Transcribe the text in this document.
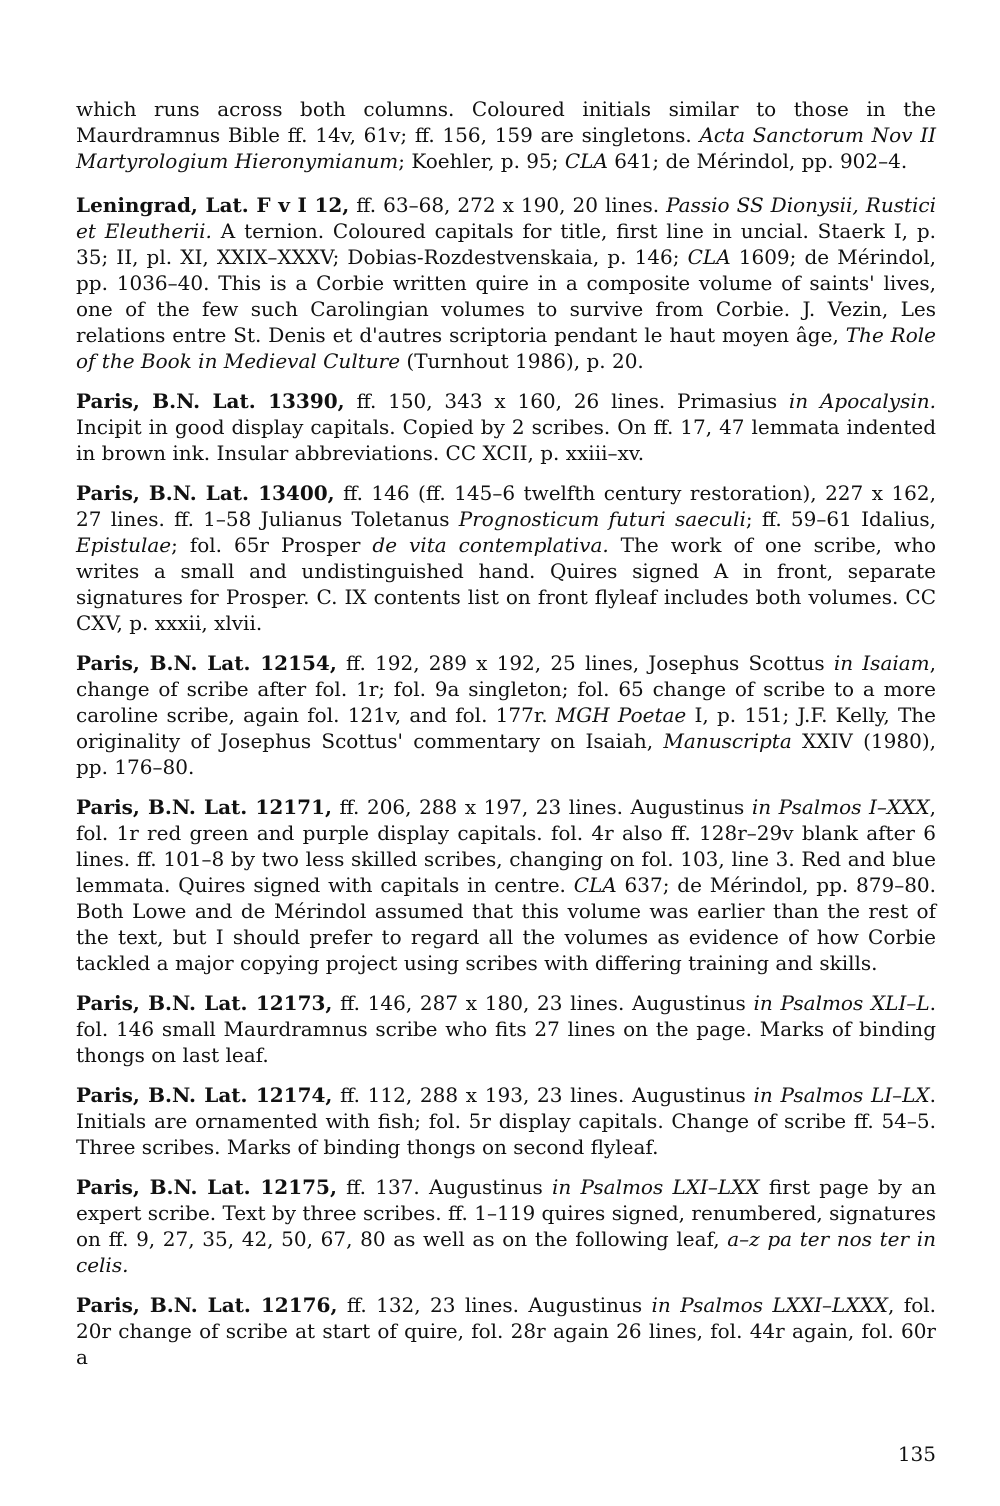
which runs across both columns. Coloured initials similar to those in the Maurdramnus Bible ff. 14v, 61v; ff. 156, 159 are singletons. Acta Sanctorum Nov II Martyrologium Hieronymianum; Koehler, p. 95; CLA 641; de Mérindol, pp. 902–4.

Leningrad, Lat. F v I 12, ff. 63–68, 272 x 190, 20 lines. Passio SS Dionysii, Rustici et Eleutherii. A ternion. Coloured capitals for title, first line in uncial. Staerk I, p. 35; II, pl. XI, XXIX–XXXV; Dobias-Rozdestvenskaia, p. 146; CLA 1609; de Mérindol, pp. 1036–40. This is a Corbie written quire in a composite volume of saints' lives, one of the few such Carolingian volumes to survive from Corbie. J. Vezin, Les relations entre St. Denis et d'autres scriptoria pendant le haut moyen âge, The Role of the Book in Medieval Culture (Turnhout 1986), p. 20.

Paris, B.N. Lat. 13390, ff. 150, 343 x 160, 26 lines. Primasius in Apocalysin. Incipit in good display capitals. Copied by 2 scribes. On ff. 17, 47 lemmata indented in brown ink. Insular abbreviations. CC XCII, p. xxiii–xv.

Paris, B.N. Lat. 13400, ff. 146 (ff. 145–6 twelfth century restoration), 227 x 162, 27 lines. ff. 1–58 Julianus Toletanus Prognosticum futuri saeculi; ff. 59–61 Idalius, Epistulae; fol. 65r Prosper de vita contemplativa. The work of one scribe, who writes a small and undistinguished hand. Quires signed A in front, separate signatures for Prosper. C. IX contents list on front flyleaf includes both volumes. CC CXV, p. xxxii, xlvii.

Paris, B.N. Lat. 12154, ff. 192, 289 x 192, 25 lines, Josephus Scottus in Isaiam, change of scribe after fol. 1r; fol. 9a singleton; fol. 65 change of scribe to a more caroline scribe, again fol. 121v, and fol. 177r. MGH Poetae I, p. 151; J.F. Kelly, The originality of Josephus Scottus' commentary on Isaiah, Manuscripta XXIV (1980), pp. 176–80.

Paris, B.N. Lat. 12171, ff. 206, 288 x 197, 23 lines. Augustinus in Psalmos I–XXX, fol. 1r red green and purple display capitals. fol. 4r also ff. 128r–29v blank after 6 lines. ff. 101–8 by two less skilled scribes, changing on fol. 103, line 3. Red and blue lemmata. Quires signed with capitals in centre. CLA 637; de Mérindol, pp. 879–80. Both Lowe and de Mérindol assumed that this volume was earlier than the rest of the text, but I should prefer to regard all the volumes as evidence of how Corbie tackled a major copying project using scribes with differing training and skills.

Paris, B.N. Lat. 12173, ff. 146, 287 x 180, 23 lines. Augustinus in Psalmos XLI–L. fol. 146 small Maurdramnus scribe who fits 27 lines on the page. Marks of binding thongs on last leaf.

Paris, B.N. Lat. 12174, ff. 112, 288 x 193, 23 lines. Augustinus in Psalmos LI–LX. Initials are ornamented with fish; fol. 5r display capitals. Change of scribe ff. 54–5. Three scribes. Marks of binding thongs on second flyleaf.

Paris, B.N. Lat. 12175, ff. 137. Augustinus in Psalmos LXI–LXX first page by an expert scribe. Text by three scribes. ff. 1–119 quires signed, renumbered, signatures on ff. 9, 27, 35, 42, 50, 67, 80 as well as on the following leaf, a–z pa ter nos ter in celis.

Paris, B.N. Lat. 12176, ff. 132, 23 lines. Augustinus in Psalmos LXXI–LXXX, fol. 20r change of scribe at start of quire, fol. 28r again 26 lines, fol. 44r again, fol. 60r a

135
